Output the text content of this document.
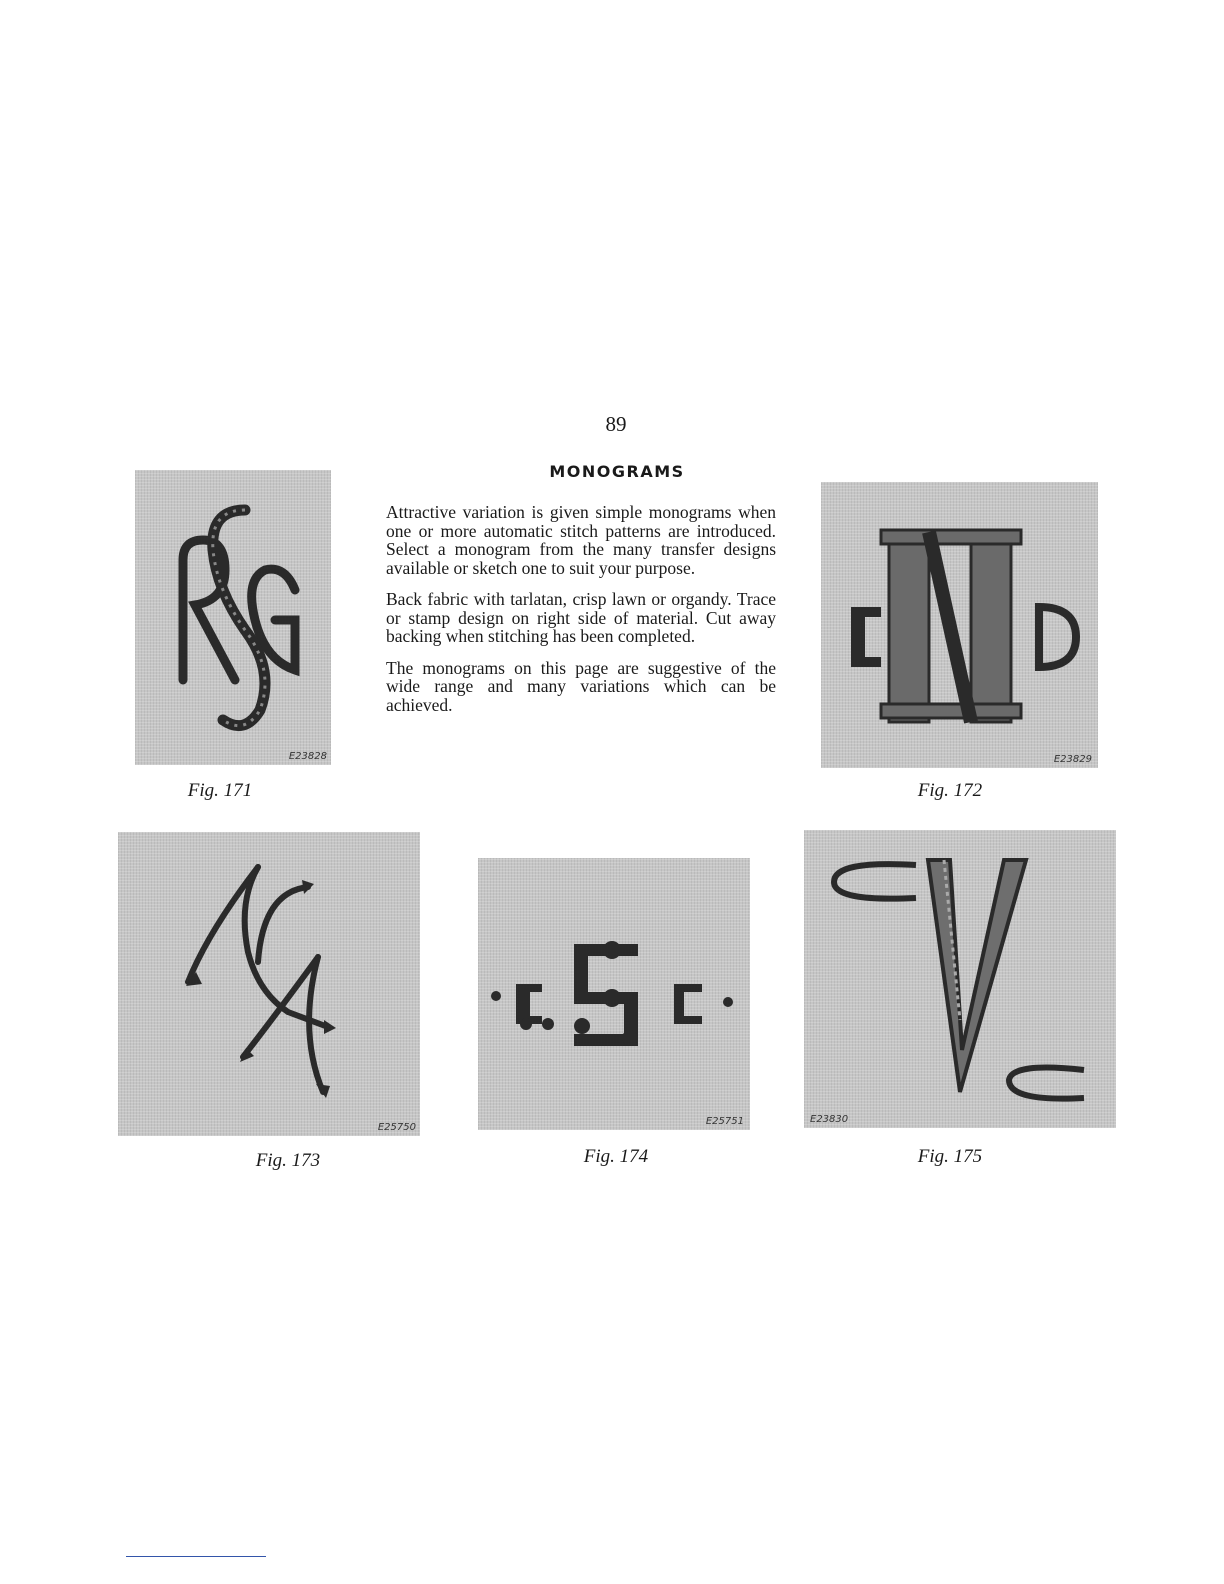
89
MONOGRAMS

Attractive variation is given simple monograms when one or more automatic stitch patterns are introduced. Select a monogram from the many transfer designs available or sketch one to suit your purpose.

Back fabric with tarlatan, crisp lawn or organdy. Trace or stamp design on right side of material. Cut away backing when stitching has been completed.

The monograms on this page are suggestive of the wide range and many variations which can be achieved.

E23828
Fig. 171
E23829
Fig. 172
E25750
Fig. 173
E25751
Fig. 174
E23830
Fig. 175
